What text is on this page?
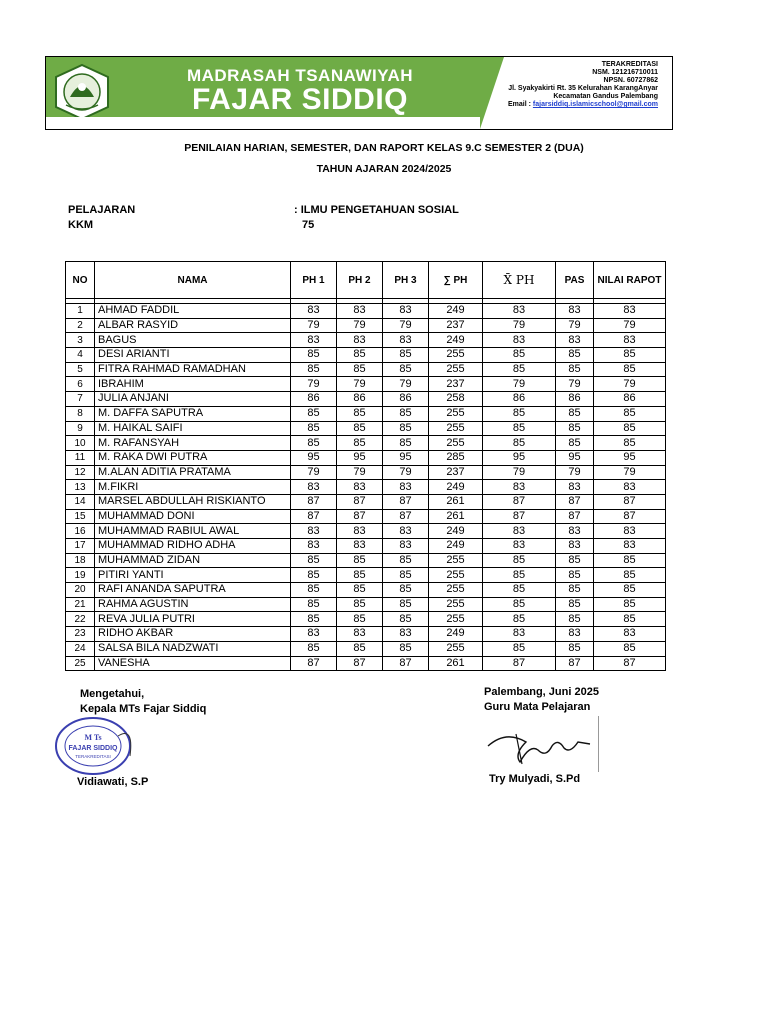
MADRASAH TSANAWIYAH
FAJAR SIDDIQ
TERAKREDITASI
NSM. 121216710011
NPSN. 60727862
Jl. Syakyakirti Rt. 35 Kelurahan KarangAnyar
Kecamatan Gandus Palembang
Email : fajarsiddiq.islamicschool@gmail.com
PENILAIAN HARIAN, SEMESTER, DAN RAPORT KELAS 9.C SEMESTER 2 (DUA)
TAHUN AJARAN 2024/2025
PELAJARAN	: ILMU PENGETAHUAN SOSIAL
KKM	75
NO	NAMA	PH 1	PH 2	PH 3	∑ PH	X̄ PH	PAS	NILAI RAPOT

1	AHMAD FADDIL	83	83	83	249	83	83	83
2	ALBAR RASYID	79	79	79	237	79	79	79
3	BAGUS	83	83	83	249	83	83	83
4	DESI ARIANTI	85	85	85	255	85	85	85
5	FITRA RAHMAD RAMADHAN	85	85	85	255	85	85	85
6	IBRAHIM	79	79	79	237	79	79	79
7	JULIA ANJANI	86	86	86	258	86	86	86
8	M. DAFFA SAPUTRA	85	85	85	255	85	85	85
9	M. HAIKAL SAIFI	85	85	85	255	85	85	85
10	M. RAFANSYAH	85	85	85	255	85	85	85
11	M. RAKA DWI PUTRA	95	95	95	285	95	95	95
12	M.ALAN ADITIA PRATAMA	79	79	79	237	79	79	79
13	M.FIKRI	83	83	83	249	83	83	83
14	MARSEL ABDULLAH RISKIANTO	87	87	87	261	87	87	87
15	MUHAMMAD DONI	87	87	87	261	87	87	87
16	MUHAMMAD RABIUL AWAL	83	83	83	249	83	83	83
17	MUHAMMAD RIDHO ADHA	83	83	83	249	83	83	83
18	MUHAMMAD ZIDAN	85	85	85	255	85	85	85
19	PITIRI YANTI	85	85	85	255	85	85	85
20	RAFI ANANDA SAPUTRA	85	85	85	255	85	85	85
21	RAHMA AGUSTIN	85	85	85	255	85	85	85
22	REVA JULIA PUTRI	85	85	85	255	85	85	85
23	RIDHO AKBAR	83	83	83	249	83	83	83
24	SALSA BILA NADZWATI	85	85	85	255	85	85	85
25	VANESHA	87	87	87	261	87	87	87
Mengetahui,
Kepala MTs Fajar Siddiq
M Ts
FAJAR SIDDIQ
TERAKREDITASI
Vidiawati, S.P
Palembang, Juni 2025
Guru Mata Pelajaran
Try Mulyadi, S.Pd
